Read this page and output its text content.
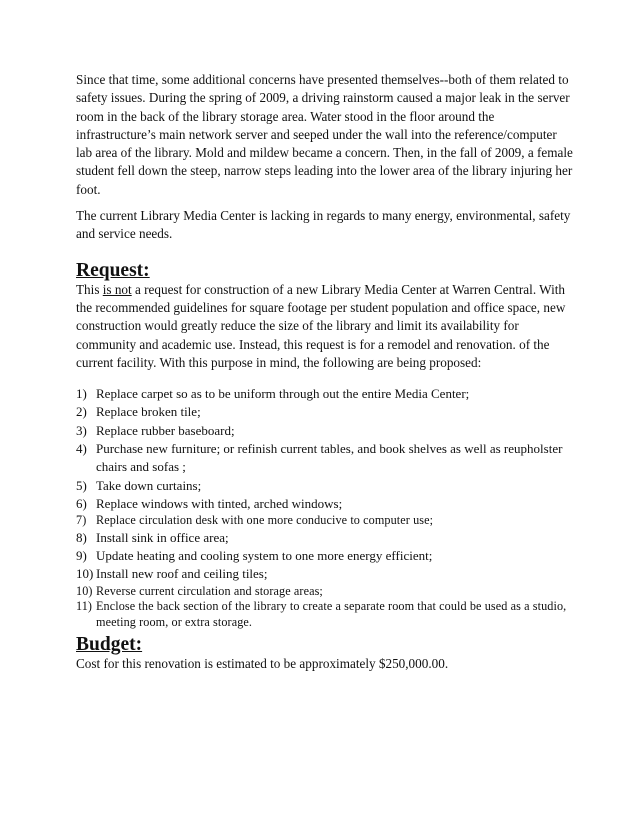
Since that time, some additional concerns have presented themselves--both of them related to safety issues. During the spring of 2009, a driving rainstorm caused a major leak in the server room in the back of the library storage area. Water stood in the floor around the infrastructure’s main network server and seeped under the wall into the reference/computer lab area of the library. Mold and mildew became a concern. Then, in the fall of 2009, a female student fell down the steep, narrow steps leading into the lower area of the library injuring her foot.

The current Library Media Center is lacking in regards to many energy, environmental, safety and service needs.

Request:

This is not a request for construction of a new Library Media Center at Warren Central. With the recommended guidelines for square footage per student population and office space, new construction would greatly reduce the size of the library and limit its availability for community and academic use. Instead, this request is for a remodel and renovation. of the current facility. With this purpose in mind, the following are being proposed:

1) Replace carpet so as to be uniform through out the entire Media Center;
2) Replace broken tile;
3) Replace rubber baseboard;
4) Purchase new furniture; or refinish current tables, and book shelves as well as reupholster chairs and sofas ;
5) Take down curtains;
6) Replace windows with tinted, arched windows;
7) Replace circulation desk with one more conducive to computer use;
8) Install sink in office area;
9) Update heating and cooling system to one more energy efficient;
10) Install new roof and ceiling tiles;
10) Reverse current circulation and storage areas;
11) Enclose the back section of the library to create a separate room that could be used as a studio, meeting room, or extra storage.
Budget:

Cost for this renovation is estimated to be approximately $250,000.00.
